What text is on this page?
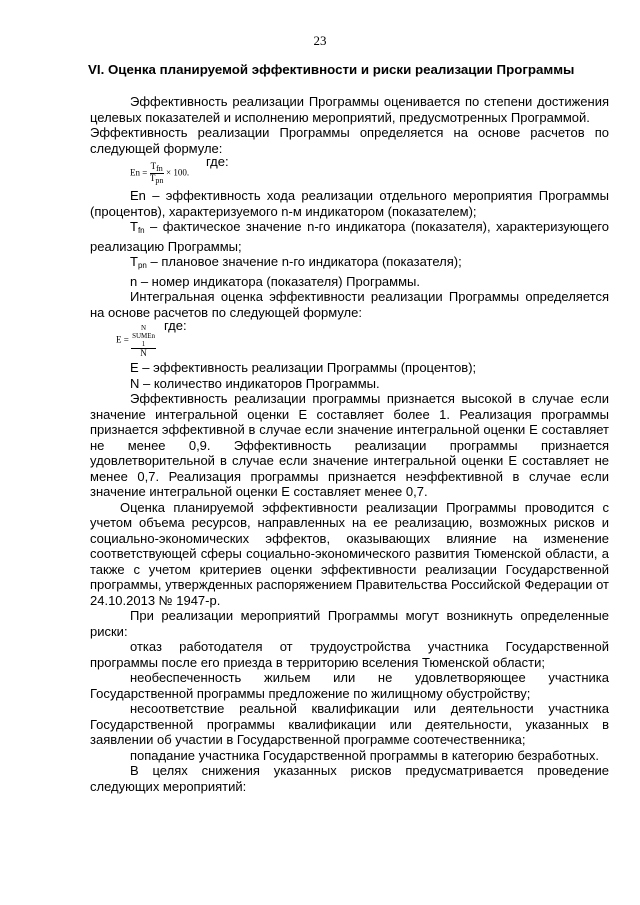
23
VI. Оценка планируемой эффективности и риски реализации Программы

Эффективность реализации Программы оценивается по степени достижения целевых показателей и исполнению мероприятий, предусмотренных Программой.

Эффективность реализации Программы определяется на основе расчетов по следующей формуле:

$En = \frac{\text{Tfn}}{\text{Tpn}} \times 100$.
где:

En – эффективность хода реализации отдельного мероприятия Программы (процентов), характеризуемого n-м индикатором (показателем);

$T_{fn}$ – фактическое значение n-го индикатора (показателя), характеризующего реализацию Программы;

$T_{pn}$ – плановое значение n-го индикатора (показателя);

n – номер индикатора (показателя) Программы.

Интегральная оценка эффективности реализации Программы определяется на основе расчетов по следующей формуле:

E = N
SUMEn
1
N где:

E – эффективность реализации Программы (процентов);

N – количество индикаторов Программы.

Эффективность реализации программы признается высокой в случае если значение интегральной оценки E составляет более 1. Реализация программы признается эффективной в случае если значение интегральной оценки E составляет не менее 0,9. Эффективность реализации программы признается удовлетворительной в случае если значение интегральной оценки E составляет не менее 0,7. Реализация программы признается неэффективной в случае если значение интегральной оценки E составляет менее 0,7.

Оценка планируемой эффективности реализации Программы проводится с учетом объема ресурсов, направленных на ее реализацию, возможных рисков и социально-экономических эффектов, оказывающих влияние на изменение соответствующей сферы социально-экономического развития Тюменской области, а также с учетом критериев оценки эффективности реализации Государственной программы, утвержденных распоряжением Правительства Российской Федерации от 24.10.2013 № 1947-р.

При реализации мероприятий Программы могут возникнуть определенные риски:

отказ работодателя от трудоустройства участника Государственной программы после его приезда в территорию вселения Тюменской области;

необеспеченность жильем или не удовлетворяющее участника Государственной программы предложение по жилищному обустройству;

несоответствие реальной квалификации или деятельности участника Государственной программы квалификации или деятельности, указанных в заявлении об участии в Государственной программе соотечественника;

попадание участника Государственной программы в категорию безработных.

В целях снижения указанных рисков предусматривается проведение следующих мероприятий:
